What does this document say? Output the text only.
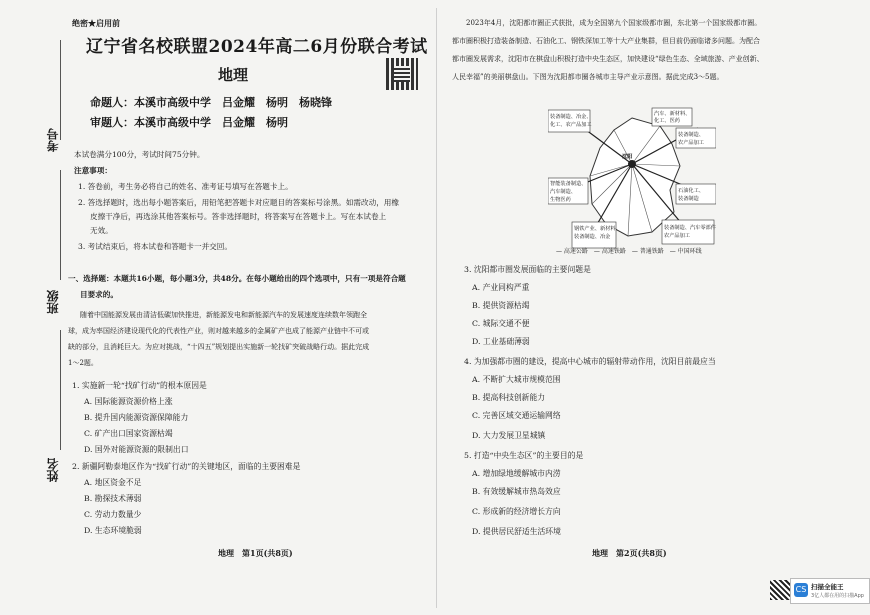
考号
班级
姓名
绝密★启用前
辽宁省名校联盟2024年高二6月份联合考试
地理
命题人：本溪市高级中学　吕金耀　杨明　杨晓锋
审题人：本溪市高级中学　吕金耀　杨明
本试卷满分100分，考试时间75分钟。
注意事项：
1. 答卷前，考生务必将自己的姓名、准考证号填写在答题卡上。
2. 答选择题时，选出每小题答案后，用铅笔把答题卡对应题目的答案标号涂黑。如需改动，用橡
皮擦干净后，再选涂其他答案标号。答非选择题时，将答案写在答题卡上。写在本试卷上
无效。
3. 考试结束后，将本试卷和答题卡一并交回。
一、选择题：本题共16小题，每小题3分，共48分。在每小题给出的四个选项中，只有一项是符合题
目要求的。
随着中国能源发展由清洁低碳加快推进，新能源发电和新能源汽车的发展速度连续数年领跑全
球，成为率国经济建设现代化的代表性产业，则对越来越多的金属矿产也成了能源产业链中不可或
缺的部分，且消耗巨大。为应对挑战，“十四五”规划提出实施新一轮找矿突破战略行动。据此完成
1～2题。
1. 实施新一轮“找矿行动”的根本原因是
A. 国际能源资源价格上涨
B. 提升国内能源资源保障能力
C. 矿产出口国家资源枯竭
D. 国外对能源资源的限制出口
2. 新疆阿勒泰地区作为“找矿行动”的关键地区，面临的主要困难是
A. 地区资金不足
B. 勘探技术薄弱
C. 劳动力数量少
D. 生态环境脆弱
地理　第1页(共8页)
2023年4月，沈阳都市圈正式获批，成为全国第九个国家级都市圈，东北第一个国家级都市圈。
都市圈积极打造装备制造、石油化工、钢铁深加工等十大产业集群，但目前仍面临诸多问题。为配合
都市圈发展需求，沈阳市在棋盘山积极打造中央生态区，加快建设“绿色生态、全域旅游、产业创新、
人民幸福”的美丽棋盘山。下图为沈阳都市圈各城市主导产业示意图。据此完成3～5题。
装备制造、冶金、
化工、农产品加工
汽车、新材料、
化工、医药
装备制造、
农产品加工
石油化工、
装备制造
智能装备制造、
汽车制造、
生物医药
钢铁产业、新材料
装备制造、冶金
装备制造、汽车零部件
农产品加工
沈阳
— 高速公路　— 高速铁路　— 普通铁路　— 中国环线
3. 沈阳都市圈发展面临的主要问题是
A. 产业同构严重
B. 提供资源枯竭
C. 城际交通不便
D. 工业基础薄弱
4. 为加强都市圈的建设，提高中心城市的辐射带动作用，沈阳目前最应当
A. 不断扩大城市规模范围
B. 提高科技创新能力
C. 完善区域交通运输网络
D. 大力发展卫星城镇
5. 打造“中央生态区”的主要目的是
A. 增加绿地缓解城市内涝
B. 有效缓解城市热岛效应
C. 形成新的经济增长方向
D. 提供居民舒适生活环境
地理　第2页(共8页)
CS 扫描全能王
3亿人都在用的扫描App
